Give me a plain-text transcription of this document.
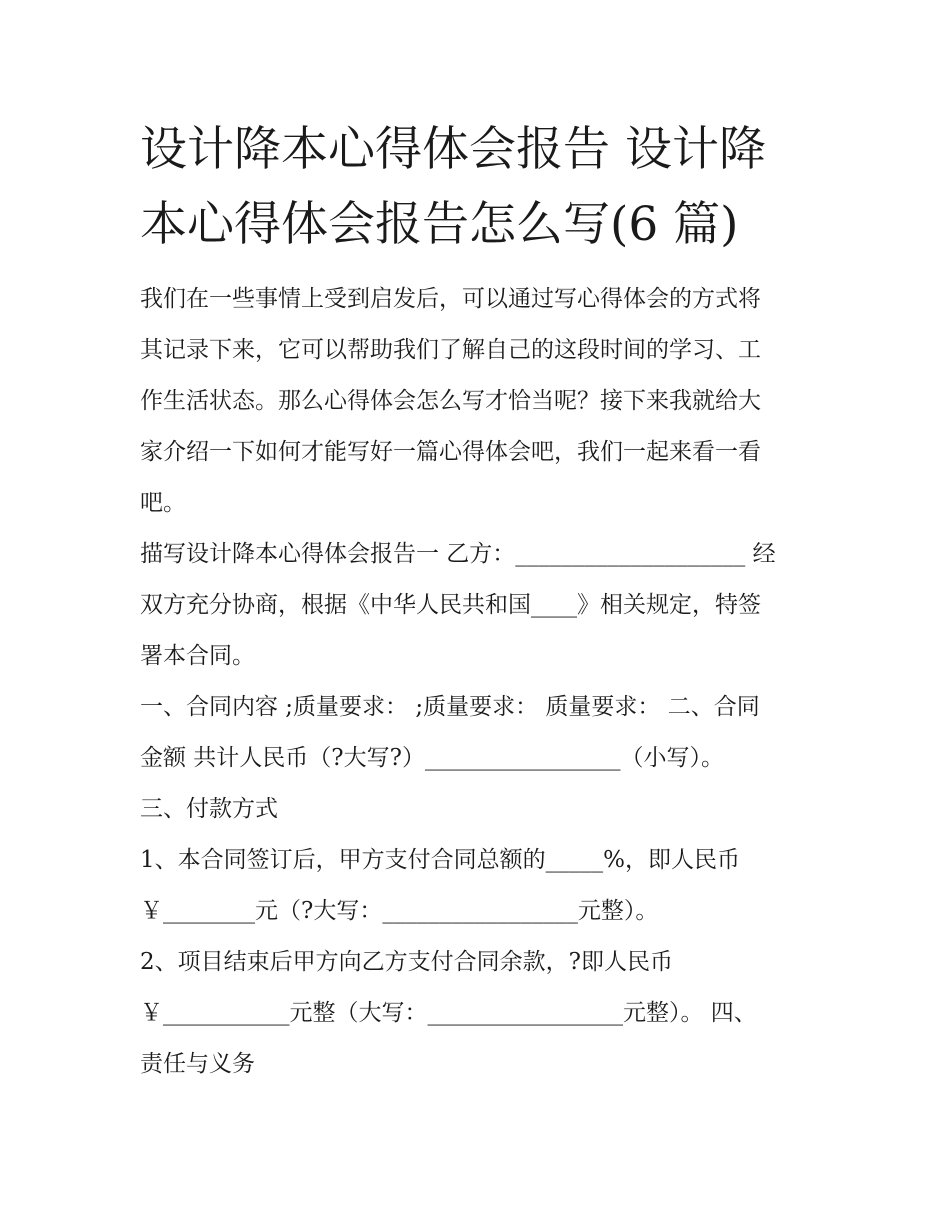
设计降本心得体会报告 设计降
本心得体会报告怎么写(6 篇)

我们在一些事情上受到启发后，可以通过写心得体会的方式将
其记录下来，它可以帮助我们了解自己的这段时间的学习、工
作生活状态。那么心得体会怎么写才恰当呢？接下来我就给大
家介绍一下如何才能写好一篇心得体会吧，我们一起来看一看
吧。

描写设计降本心得体会报告一 乙方：____________________ 经
双方充分协商，根据《中华人民共和国____》相关规定，特签
署本合同。

一、合同内容 ;质量要求： ;质量要求： 质量要求： 二、合同
金额 共计人民币（?大写?）_________________（小写）。

三、付款方式

1、本合同签订后，甲方支付合同总额的_____%，即人民币
￥________元（?大写：_________________元整）。

2、项目结束后甲方向乙方支付合同余款，?即人民币
￥___________元整（大写：_________________元整）。 四、
责任与义务
